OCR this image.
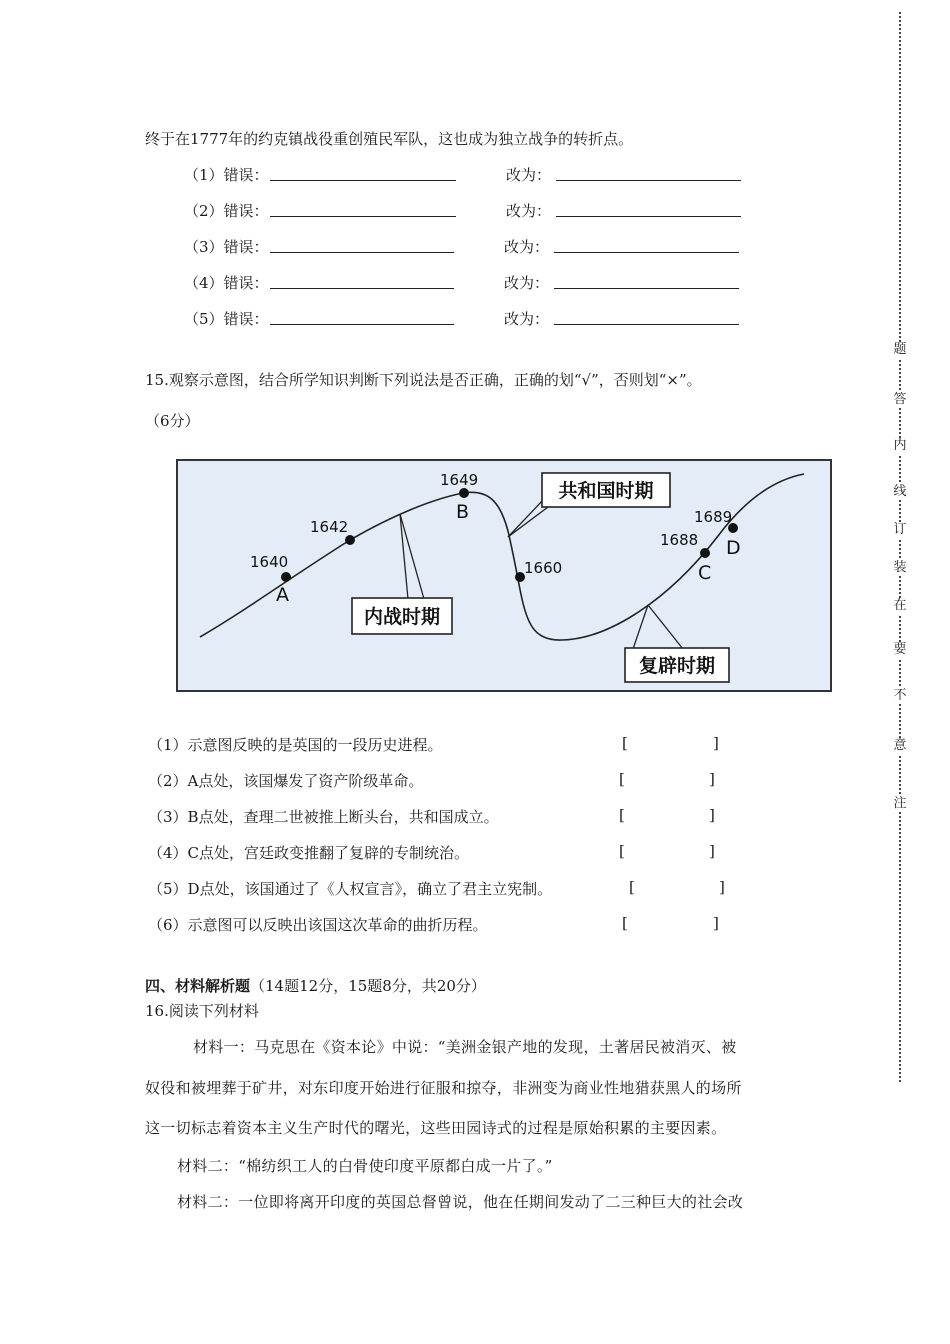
终于在1777年的约克镇战役重创殖民军队，这也成为独立战争的转折点。
（1）错误：	改为：
（2）错误：	改为：
（3）错误：	改为：
（4）错误：	改为：
（5）错误：	改为：
15.观察示意图，结合所学知识判断下列说法是否正确，正确的划“√”，否则划“×”。
（6分）
内战时期
共和国时期
复辟时期
1640
1642
1649
1660
1688
1689
A
B
C
D
（1）示意图反映的是英国的一段历史进程。	[	]
（2）A点处，该国爆发了资产阶级革命。	[	]
（3）B点处，查理二世被推上断头台，共和国成立。	[	]
（4）C点处，宫廷政变推翻了复辟的专制统治。	[	]
（5）D点处，该国通过了《人权宣言》，确立了君主立宪制。	[	]
（6）示意图可以反映出该国这次革命的曲折历程。	[	]
四、材料解析题（14题12分，15题8分，共20分）
16.阅读下列材料
材料一：马克思在《资本论》中说：“美洲金银产地的发现，土著居民被消灭、被
奴役和被埋葬于矿井，对东印度开始进行征服和掠夺，非洲变为商业性地猎获黑人的场所
这一切标志着资本主义生产时代的曙光，这些田园诗式的过程是原始积累的主要因素。
材料二：“棉纺织工人的白骨使印度平原都白成一片了。”
材料二：一位即将离开印度的英国总督曾说，他在任期间发动了二三种巨大的社会改
题
答
内
线
订
装
在
要
不
意
注
